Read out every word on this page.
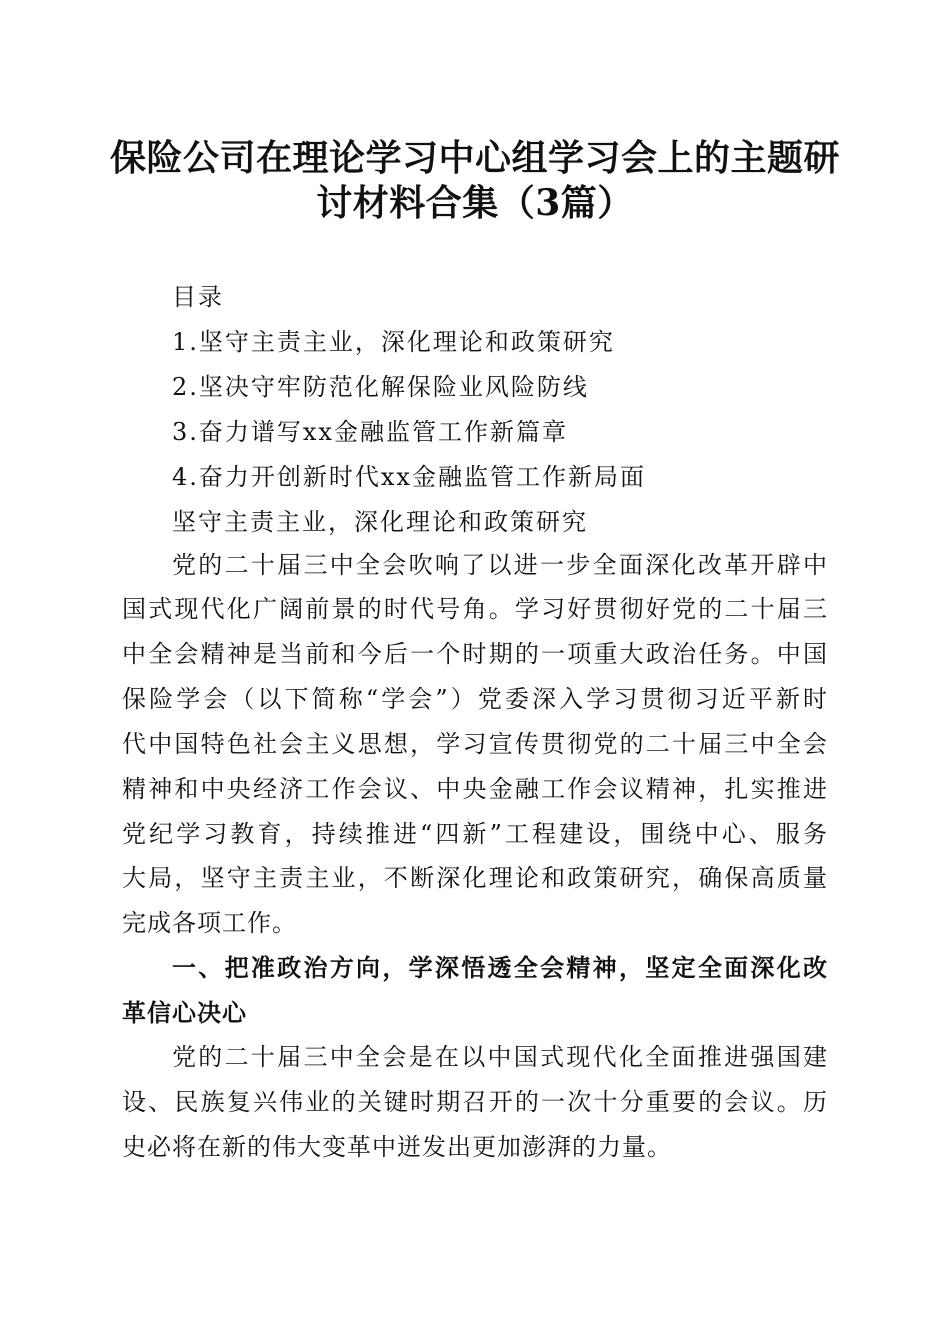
保险公司在理论学习中心组学习会上的主题研
讨材料合集（3篇）
目录
1.坚守主责主业，深化理论和政策研究
2.坚决守牢防范化解保险业风险防线
3.奋力谱写xx金融监管工作新篇章
4.奋力开创新时代xx金融监管工作新局面
坚守主责主业，深化理论和政策研究
党的二十届三中全会吹响了以进一步全面深化改革开辟中
国式现代化广阔前景的时代号角。学习好贯彻好党的二十届三
中全会精神是当前和今后一个时期的一项重大政治任务。中国
保险学会（以下简称“学会”）党委深入学习贯彻习近平新时
代中国特色社会主义思想，学习宣传贯彻党的二十届三中全会
精神和中央经济工作会议、中央金融工作会议精神，扎实推进
党纪学习教育，持续推进“四新”工程建设，围绕中心、服务
大局，坚守主责主业，不断深化理论和政策研究，确保高质量
完成各项工作。
一、把准政治方向，学深悟透全会精神，坚定全面深化改
革信心决心
党的二十届三中全会是在以中国式现代化全面推进强国建
设、民族复兴伟业的关键时期召开的一次十分重要的会议。历
史必将在新的伟大变革中迸发出更加澎湃的力量。
